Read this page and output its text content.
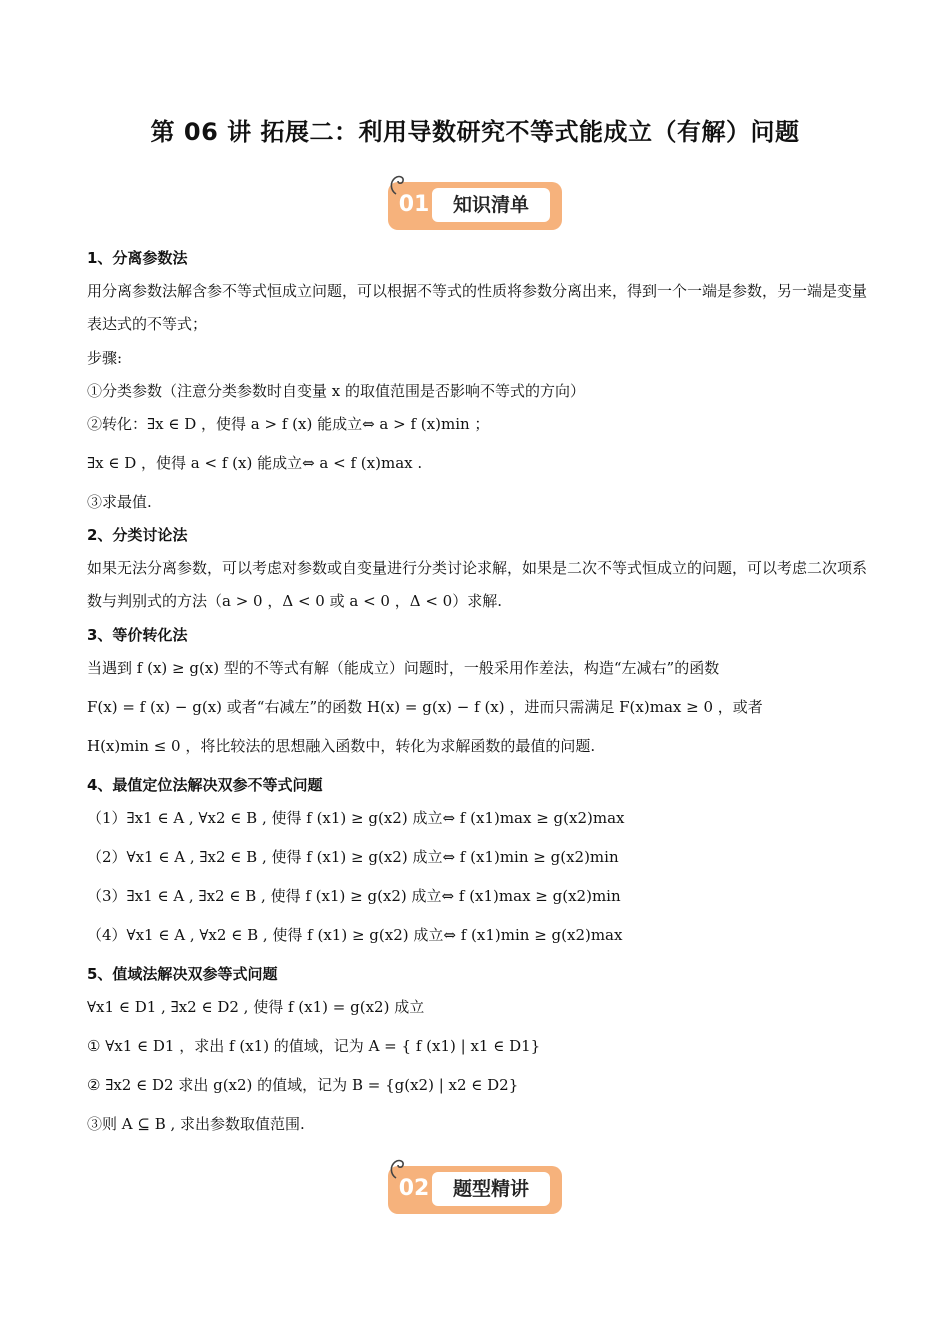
第 06 讲 拓展二：利用导数研究不等式能成立（有解）问题
01	知识清单
1、分离参数法
用分离参数法解含参不等式恒成立问题，可以根据不等式的性质将参数分离出来，得到一个一端是参数，另一端是变量表达式的不等式；
步骤:
①分类参数（注意分类参数时自变量 x 的取值范围是否影响不等式的方向）
②转化：∃x ∈ D ，使得 a > f (x) 能成立⇔ a > f (x)min ；
∃x ∈ D ，使得 a < f (x) 能成立⇔ a < f (x)max .
③求最值.
2、分类讨论法
如果无法分离参数，可以考虑对参数或自变量进行分类讨论求解，如果是二次不等式恒成立的问题，可以考虑二次项系数与判别式的方法（a > 0 ，Δ < 0 或 a < 0 ，Δ < 0）求解.
3、等价转化法
当遇到 f (x) ≥ g(x) 型的不等式有解（能成立）问题时，一般采用作差法，构造“左减右”的函数
F(x) = f (x) − g(x) 或者“右减左”的函数 H(x) = g(x) − f (x) ，进而只需满足 F(x)max ≥ 0 ，或者
H(x)min ≤ 0 ，将比较法的思想融入函数中，转化为求解函数的最值的问题.
4、最值定位法解决双参不等式问题
（1）∃x1 ∈ A , ∀x2 ∈ B , 使得 f (x1) ≥ g(x2) 成立⇔ f (x1)max ≥ g(x2)max
（2）∀x1 ∈ A , ∃x2 ∈ B , 使得 f (x1) ≥ g(x2) 成立⇔ f (x1)min ≥ g(x2)min
（3）∃x1 ∈ A , ∃x2 ∈ B , 使得 f (x1) ≥ g(x2) 成立⇔ f (x1)max ≥ g(x2)min
（4）∀x1 ∈ A , ∀x2 ∈ B , 使得 f (x1) ≥ g(x2) 成立⇔ f (x1)min ≥ g(x2)max
5、值域法解决双参等式问题
∀x1 ∈ D1 , ∃x2 ∈ D2 , 使得 f (x1) = g(x2) 成立
① ∀x1 ∈ D1 ，求出 f (x1) 的值域，记为 A = { f (x1) | x1 ∈ D1}
② ∃x2 ∈ D2 求出 g(x2) 的值域，记为 B = {g(x2) | x2 ∈ D2}
③则 A ⊆ B , 求出参数取值范围.
02	题型精讲
